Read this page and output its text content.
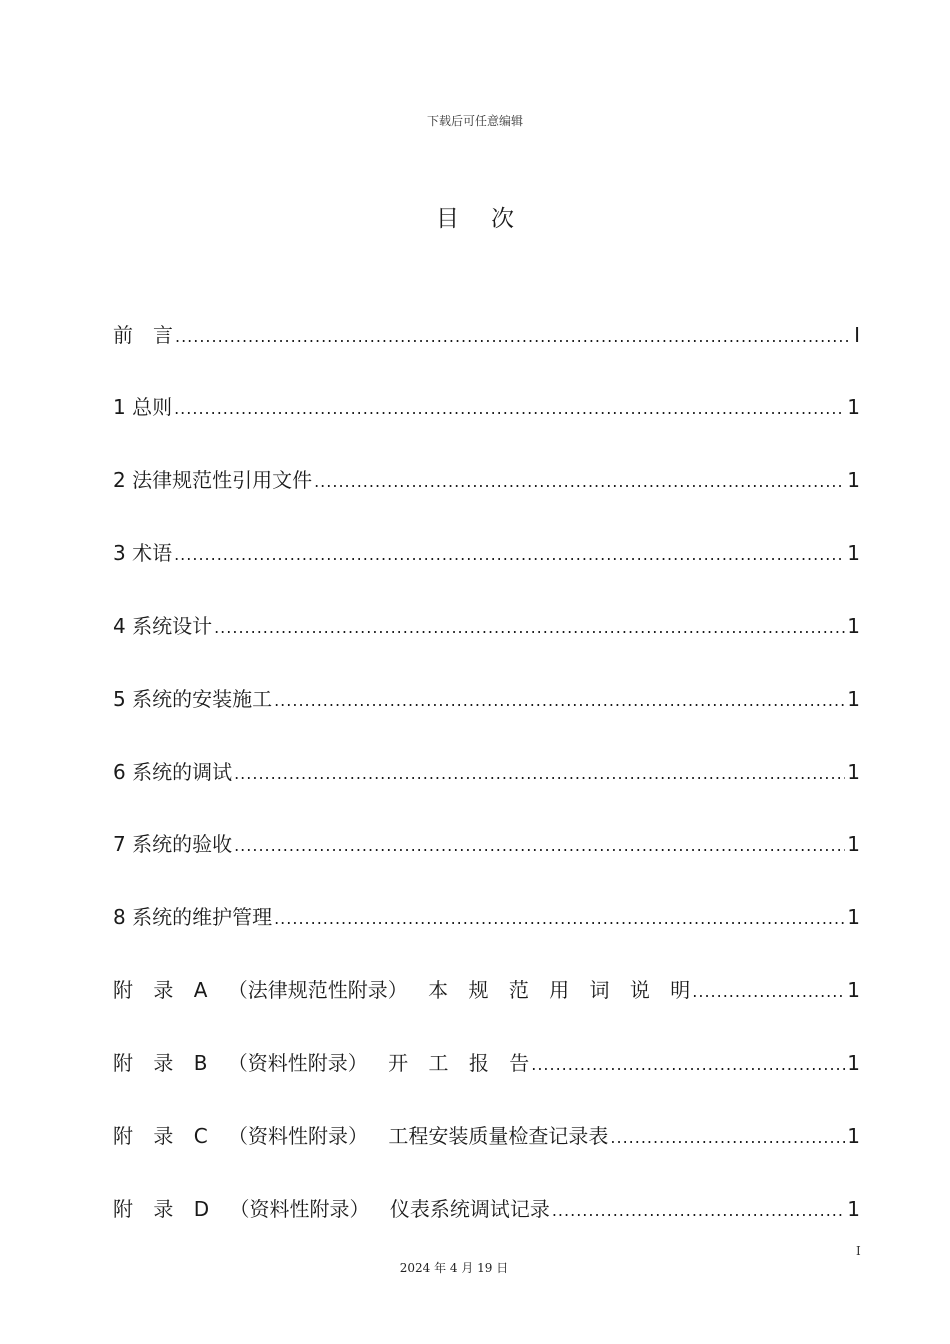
下载后可任意编辑
目 次
前　言 .....	I
1 总则 .....	1
2 法律规范性引用文件 .....	1
3 术语 .....	1
4 系统设计 .....	1
5 系统的安装施工 .....	1
6 系统的调试 .....	1
7 系统的验收 .....	1
8 系统的维护管理 .....	1
附 录 A （法律规范性附录） 本 规 范 用 词 说 明 .....	1
附 录 B （资料性附录） 开 工 报 告 .....	1
附 录 C （资料性附录） 工程安装质量检查记录表 .....	1
附 录 D （资料性附录） 仪表系统调试记录 .....	1
I
2024 年 4 月 19 日
